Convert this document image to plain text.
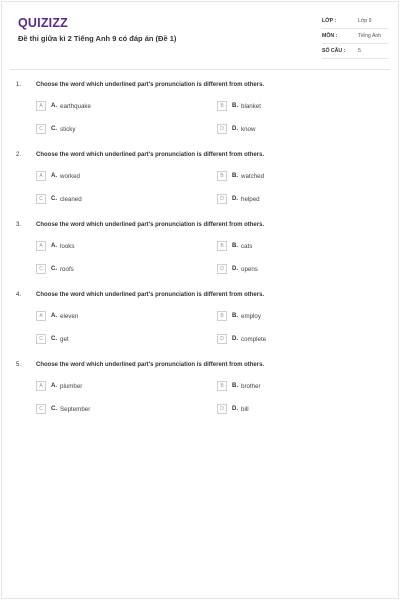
QUIZIZZ
Đề thi giữa kì 2 Tiếng Anh 9 có đáp án (Đề 1)
LỚP :	Lớp 9
MÔN :	Tiếng Anh
SỐ CÂU :	5
1. Choose the word which underlined part's pronunciation is different from others.
A	A. earthquake	B	B. blanket
C	C. sticky	D	D. know
2. Choose the word which underlined part's pronunciation is different from others.
A	A. worked	B	B. watched
C	C. cleaned	D	D. helped
3. Choose the word which underlined part's pronunciation is different from others.
A	A. looks	B	B. cats
C	C. roofs	D	D. opens
4. Choose the word which underlined part's pronunciation is different from others.
A	A. eleven	B	B. employ
C	C. get	D	D. complete
5. Choose the word which underlined part's pronunciation is different from others.
A	A. plumber	B	B. brother
C	C. September	D	D. bill
